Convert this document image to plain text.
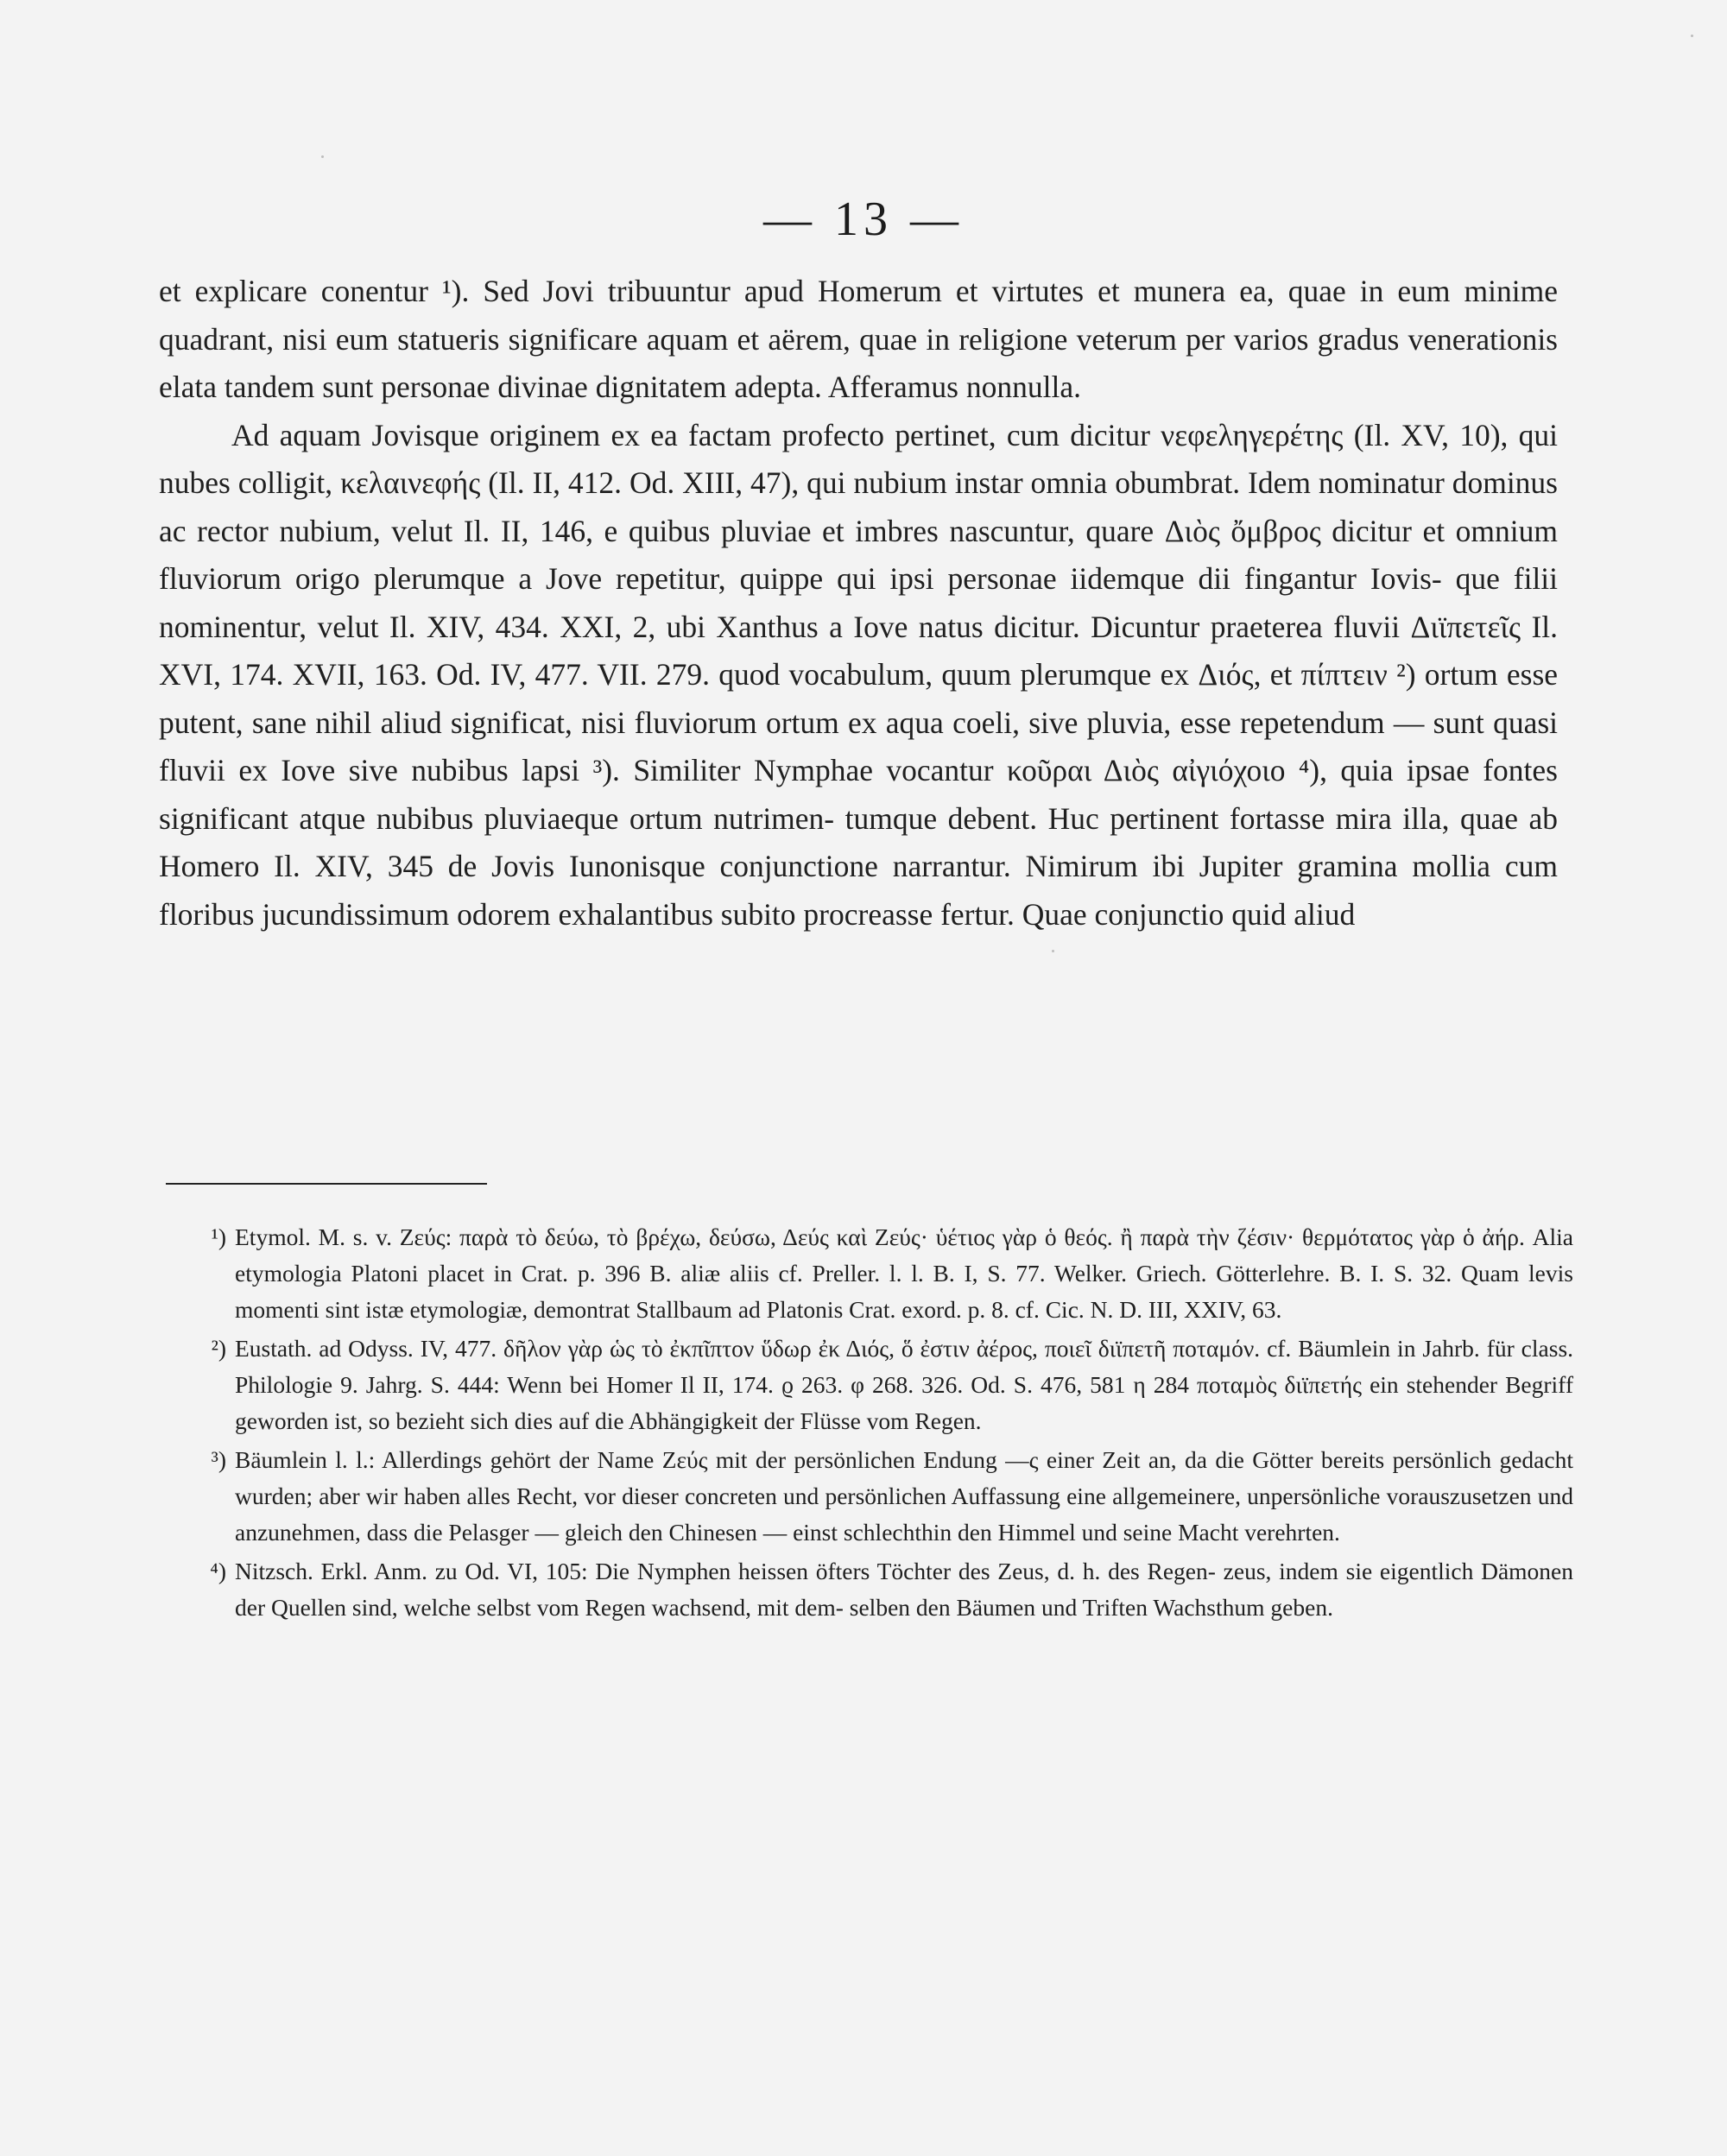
— 13 —

et explicare conentur ¹). Sed Jovi tribuuntur apud Homerum et virtutes et munera ea, quae in eum minime quadrant, nisi eum statueris significare aquam et aërem, quae in religione veterum per varios gradus venerationis elata tandem sunt personae divinae dignitatem adepta. Afferamus nonnulla.

Ad aquam Jovisque originem ex ea factam profecto pertinet, cum dicitur νεφεληγερέτης (Il. XV, 10), qui nubes colligit, κελαινεφής (Il. II, 412. Od. XIII, 47), qui nubium instar omnia obumbrat. Idem nominatur dominus ac rector nubium, velut Il. II, 146, e quibus pluviae et imbres nascuntur, quare Διὸς ὄμβρος dicitur et omnium fluviorum origo plerumque a Jove repetitur, quippe qui ipsi personae iidemque dii fingantur Iovis- que filii nominentur, velut Il. XIV, 434. XXI, 2, ubi Xanthus a Iove natus dicitur. Dicuntur praeterea fluvii Διϊπετεῖς Il. XVI, 174. XVII, 163. Od. IV, 477. VII. 279. quod vocabulum, quum plerumque ex Διός, et πίπτειν ²) ortum esse putent, sane nihil aliud significat, nisi fluviorum ortum ex aqua coeli, sive pluvia, esse repetendum — sunt quasi fluvii ex Iove sive nubibus lapsi ³). Similiter Nymphae vocantur κοῦραι Διὸς αἰγιόχοιο ⁴), quia ipsae fontes significant atque nubibus pluviaeque ortum nutrimen- tumque debent. Huc pertinent fortasse mira illa, quae ab Homero Il. XIV, 345 de Jovis Iunonisque conjunctione narrantur. Nimirum ibi Jupiter gramina mollia cum floribus jucundissimum odorem exhalantibus subito procreasse fertur. Quae conjunctio quid aliud

¹) Etymol. M. s. v. Ζεύς: παρὰ τὸ δεύω, τὸ βρέχω, δεύσω, Δεύς καὶ Ζεύς· ὑέτιος γὰρ ὁ θεός. ἢ παρὰ τὴν ζέσιν· θερμότατος γὰρ ὁ ἀήρ. Alia etymologia Platoni placet in Crat. p. 396 B. aliæ aliis cf. Preller. l. l. B. I, S. 77. Welker. Griech. Götterlehre. B. I. S. 32. Quam levis momenti sint istæ etymologiæ, demontrat Stallbaum ad Platonis Crat. exord. p. 8. cf. Cic. N. D. III, XXIV, 63.
²) Eustath. ad Odyss. IV, 477. δῆλον γὰρ ὡς τὸ ἐκπῖπτον ὕδωρ ἐκ Διός, ὅ ἐστιν ἀέρος, ποιεῖ διϊπετῆ ποταμόν. cf. Bäumlein in Jahrb. für class. Philologie 9. Jahrg. S. 444: Wenn bei Homer Il II, 174. ϱ 263. φ 268. 326. Od. S. 476, 581 η 284 ποταμὸς διϊπετής ein stehender Begriff geworden ist, so bezieht sich dies auf die Abhängigkeit der Flüsse vom Regen.
³) Bäumlein l. l.: Allerdings gehört der Name Ζεύς mit der persönlichen Endung —ς einer Zeit an, da die Götter bereits persönlich gedacht wurden; aber wir haben alles Recht, vor dieser concreten und persönlichen Auffassung eine allgemeinere, unpersönliche vorauszusetzen und anzunehmen, dass die Pelasger — gleich den Chinesen — einst schlechthin den Himmel und seine Macht verehrten.
⁴) Nitzsch. Erkl. Anm. zu Od. VI, 105: Die Nymphen heissen öfters Töchter des Zeus, d. h. des Regen- zeus, indem sie eigentlich Dämonen der Quellen sind, welche selbst vom Regen wachsend, mit dem- selben den Bäumen und Triften Wachsthum geben.
